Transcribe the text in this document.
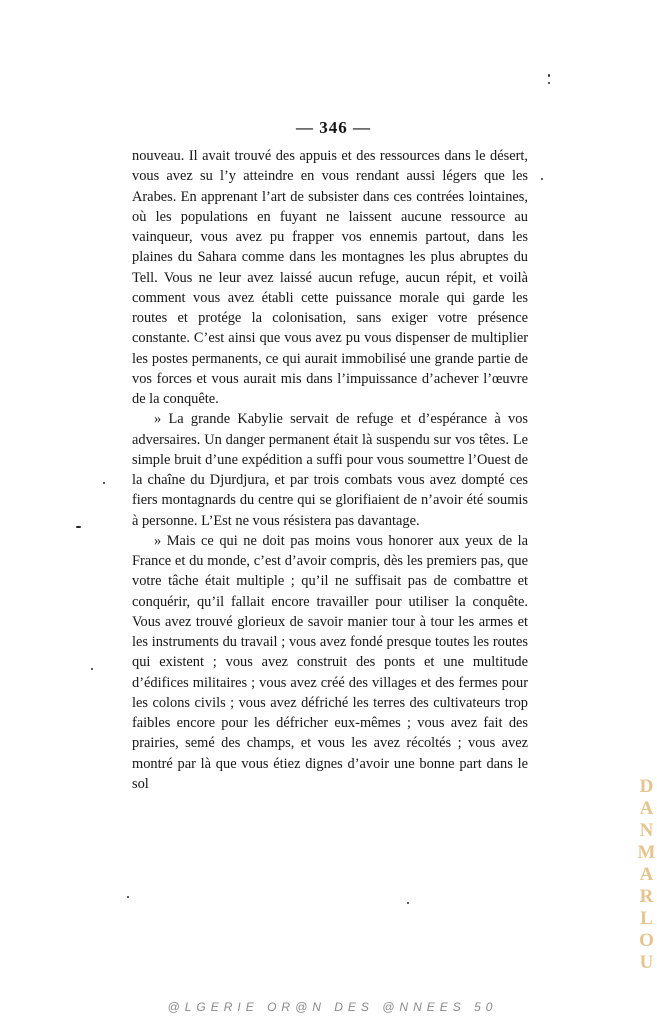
— 346 —

nouveau. Il avait trouvé des appuis et des ressources dans le désert, vous avez su l’y atteindre en vous rendant aussi légers que les Arabes. En apprenant l’art de subsister dans ces contrées lointaines, où les populations en fuyant ne laissent aucune ressource au vainqueur, vous avez pu frapper vos ennemis partout, dans les plaines du Sahara comme dans les montagnes les plus abruptes du Tell. Vous ne leur avez laissé aucun refuge, aucun répit, et voilà comment vous avez établi cette puissance morale qui garde les routes et protége la colonisation, sans exiger votre présence constante. C’est ainsi que vous avez pu vous dispenser de multiplier les postes permanents, ce qui aurait immobilisé une grande partie de vos forces et vous aurait mis dans l’impuissance d’achever l’œuvre de la conquête.

» La grande Kabylie servait de refuge et d’espérance à vos adversaires. Un danger permanent était là suspendu sur vos têtes. Le simple bruit d’une expédition a suffi pour vous soumettre l’Ouest de la chaîne du Djurdjura, et par trois combats vous avez dompté ces fiers montagnards du centre qui se glorifiaient de n’avoir été soumis à personne. L’Est ne vous résistera pas davantage.

» Mais ce qui ne doit pas moins vous honorer aux yeux de la France et du monde, c’est d’avoir compris, dès les premiers pas, que votre tâche était multiple ; qu’il ne suffisait pas de combattre et conquérir, qu’il fallait encore travailler pour utiliser la conquête. Vous avez trouvé glorieux de savoir manier tour à tour les armes et les instruments du travail ; vous avez fondé presque toutes les routes qui existent ; vous avez construit des ponts et une multitude d’édifices militaires ; vous avez créé des villages et des fermes pour les colons civils ; vous avez défriché les terres des cultivateurs trop faibles encore pour les défricher eux-mêmes ; vous avez fait des prairies, semé des champs, et vous les avez récoltés ; vous avez montré par là que vous étiez dignes d’avoir une bonne part dans le sol	DANMARLOU
@LGERIE OR@N DES @NNEES 50
